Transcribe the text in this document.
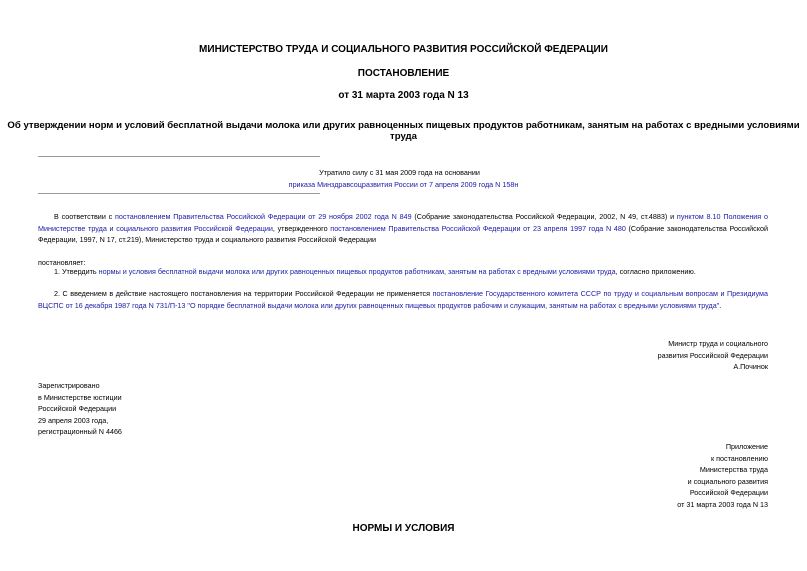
МИНИСТЕРСТВО ТРУДА И СОЦИАЛЬНОГО РАЗВИТИЯ РОССИЙСКОЙ ФЕДЕРАЦИИ
ПОСТАНОВЛЕНИЕ
от 31 марта 2003 года N 13
Об утверждении норм и условий бесплатной выдачи молока или других равноценных пищевых продуктов работникам, занятым на работах с вредными условиями
труда
Утратило силу с 31 мая 2009 года на основании
приказа Минздравсоцразвития России от 7 апреля 2009 года N 158н
В соответствии с постановлением Правительства Российской Федерации от 29 ноября 2002 года N 849 (Собрание законодательства Российской Федерации, 2002, N 49, ст.4883) и пунктом 8.10 Положения о Министерстве труда и социального развития Российской Федерации, утвержденного постановлением Правительства Российской Федерации от 23 апреля 1997 года N 480 (Собрание законодательства Российской Федерации, 1997, N 17, ст.219), Министерство труда и социального развития Российской Федерации
постановляет:
1. Утвердить нормы и условия бесплатной выдачи молока или других равноценных пищевых продуктов работникам, занятым на работах с вредными условиями труда, согласно приложению.
2. С введением в действие настоящего постановления на территории Российской Федерации не применяется постановление Государственного комитета СССР по труду и социальным вопросам и Президиума ВЦСПС от 16 декабря 1987 года N 731/П-13 "О порядке бесплатной выдачи молока или других равноценных пищевых продуктов рабочим и служащим, занятым на работах с вредными условиями труда".
Министр труда и социального
развития Российской Федерации
А.Починок
Зарегистрировано
в Министерстве юстиции
Российской Федерации
29 апреля 2003 года,
регистрационный N 4466
Приложение
к постановлению
Министерства труда
и социального развития
Российской Федерации
от 31 марта 2003 года N 13
НОРМЫ И УСЛОВИЯ
